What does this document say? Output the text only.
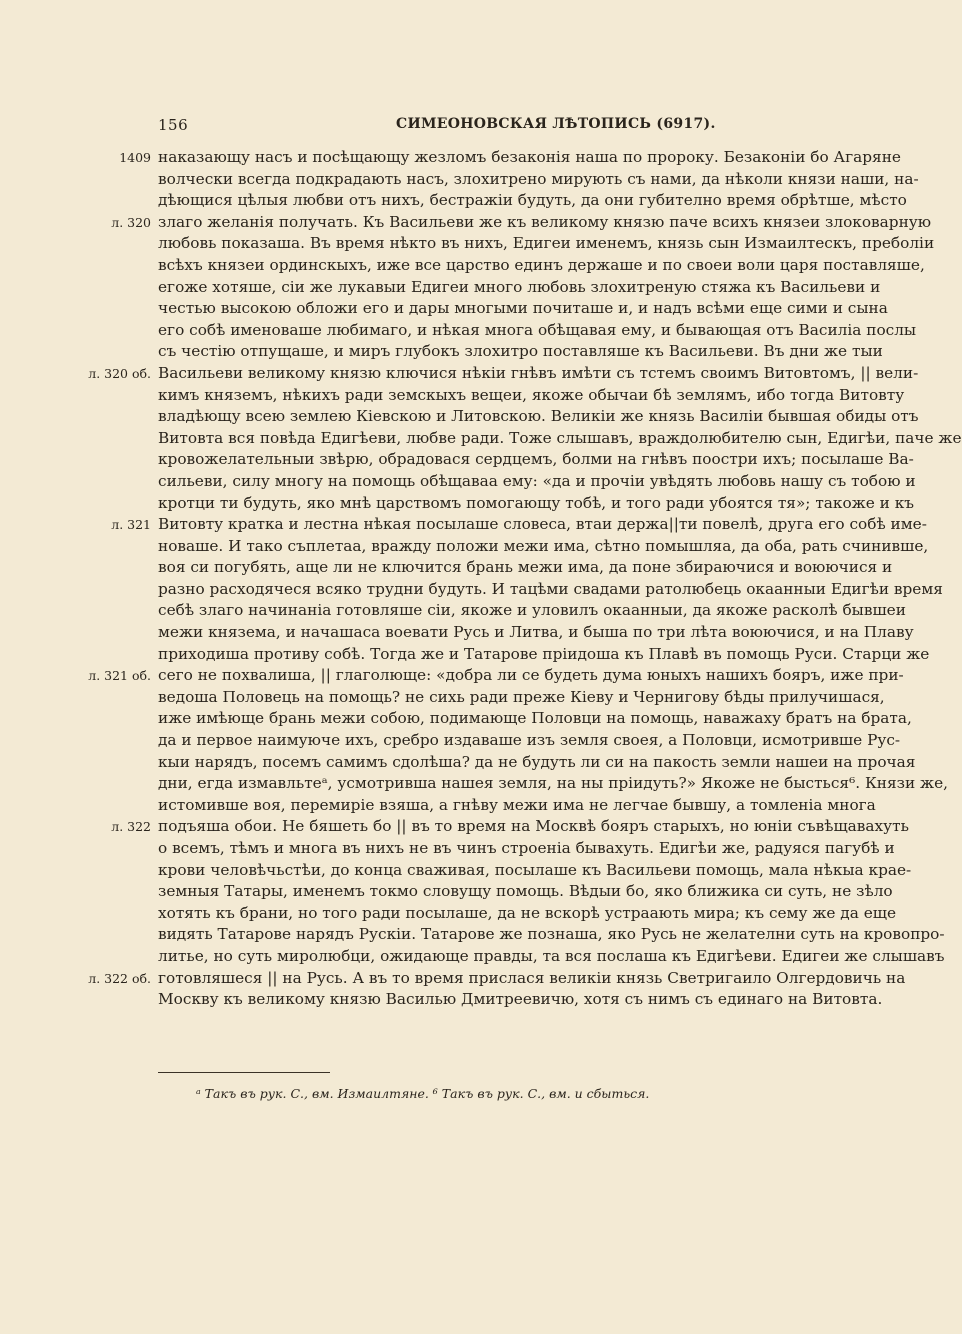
156	СИМЕОНОВСКАЯ ЛѢТОПИСЬ (6917).
1409 наказающу насъ и посѣщающу жезломъ безаконія наша по пророку. Безаконіи бо Агаряне
волчески всегда подкрадають насъ, злохитрено мирують съ нами, да нѣколи князи наши, на-
дѣющися цѣлыя любви отъ нихъ, бестражіи будуть, да они губително время обрѣтше, мѣсто
л. 320 злаго желанія получать. Къ Васильеви же къ великому князю паче всихъ князеи злоковарную
любовь показаша. Въ время нѣкто въ нихъ, Едигеи именемъ, князь сын Измаилтескъ, преболіи
всѣхъ князеи ординскыхъ, иже все царство единъ держаше и по своеи воли царя поставляше,
егоже хотяше, сіи же лукавыи Едигеи много любовь злохитреную стяжа къ Васильеви и
честью высокою обложи его и дары многыми почиташе и, и надъ всѣми еще сими и сына
его собѣ именоваше любимаго, и нѣкая многа обѣщавая ему, и бывающая отъ Василіа послы
съ честію отпущаше, и миръ глубокъ злохитро поставляше къ Васильеви. Въ дни же тыи
л. 320 об. Васильеви великому князю ключися нѣкіи гнѣвъ имѣти съ тстемъ своимъ Витовтомъ, || вели-
кимъ княземъ, нѣкихъ ради земскыхъ вещеи, якоже обычаи бѣ землямъ, ибо тогда Витовту
владѣющу всею землею Кіевскою и Литовскою. Великіи же князь Василіи бывшая обиды отъ
Витовта вся повѣда Едигѣеви, любве ради. Тоже слышавъ, враждолюбителю сын, Едигѣи, паче же
кровожелательныи звѣрю, обрадовася сердцемъ, болми на гнѣвъ поостри ихъ; посылаше Ва-
сильеви, силу многу на помощь обѣщаваа ему: «да и прочіи увѣдять любовь нашу съ тобою и
кротци ти будуть, яко мнѣ царствомъ помогающу тобѣ, и того ради убоятся тя»; такоже и къ
л. 321 Витовту кратка и лестна нѣкая посылаше словеса, втаи держа||ти повелѣ, друга его собѣ име-
новаше. И тако съплетаа, вражду положи межи има, сѣтно помышляа, да оба, рать счинивше,
воя си погубять, аще ли не ключится брань межи има, да поне збираючися и воюючися и
разно расходячеся всяко трудни будуть. И тацѣми свадами ратолюбець окаанныи Едигѣи время
себѣ злаго начинаніа готовляше сіи, якоже и уловилъ окаанныи, да якоже расколѣ бывшеи
межи князема, и начашаса воевати Русь и Литва, и быша по три лѣта воюючися, и на Плаву
приходиша противу собѣ. Тогда же и Татарове пріидоша къ Плавѣ въ помощь Руси. Старци же
л. 321 об. сего не похвалиша, || глаголюще: «добра ли се будеть дума юныхъ нашихъ бояръ, иже при-
ведоша Половець на помощь? не сихь ради преже Кіеву и Чернигову бѣды прилучишася,
иже имѣюще брань межи собою, подимающе Половци на помощь, наважаху братъ на брата,
да и первое наимуюче ихъ, сребро издаваше изъ земля своея, а Половци, исмотривше Рус-
кыи нарядъ, посемъ самимъ сдолѣша? да не будуть ли си на пакость земли нашеи на прочая
дни, егда измавльтеᵃ, усмотривша нашея земля, на ны пріидуть?» Якоже не бысться⁶. Князи же,
истомивше воя, перемиріе взяша, а гнѣву межи има не легчае бывшу, а томленіа многа
л. 322 подъяша обои. Не бяшеть бо || въ то время на Москвѣ бояръ старыхъ, но юніи съвѣщавахуть
о всемъ, тѣмъ и многа въ нихъ не въ чинъ строеніа бывахуть. Едигѣи же, радуяся пагубѣ и
крови человѣчьстѣи, до конца сваживая, посылаше къ Васильеви помощь, мала нѣкыа крае-
земныя Татары, именемъ токмо словущу помощь. Вѣдыи бо, яко ближика си суть, не зѣло
хотять къ брани, но того ради посылаше, да не вскорѣ устраають мира; къ сему же да еще
видять Татарове нарядъ Рускіи. Татарове же познаша, яко Русь не желателни суть на кровопро-
литье, но суть миролюбци, ожидающе правды, та вся послаша къ Едигѣеви. Едигеи же слышавъ
л. 322 об. готовляшеся || на Русь. А въ то время прислася великіи князь Светригаило Олгердовичь на
Москву къ великому князю Василью Дмитреевичю, хотя съ нимъ съ единаго на Витовта.
ᵃ Такъ въ рук. С., вм. Измаилтяне. ⁶ Такъ въ рук. С., вм. и сбыться.
